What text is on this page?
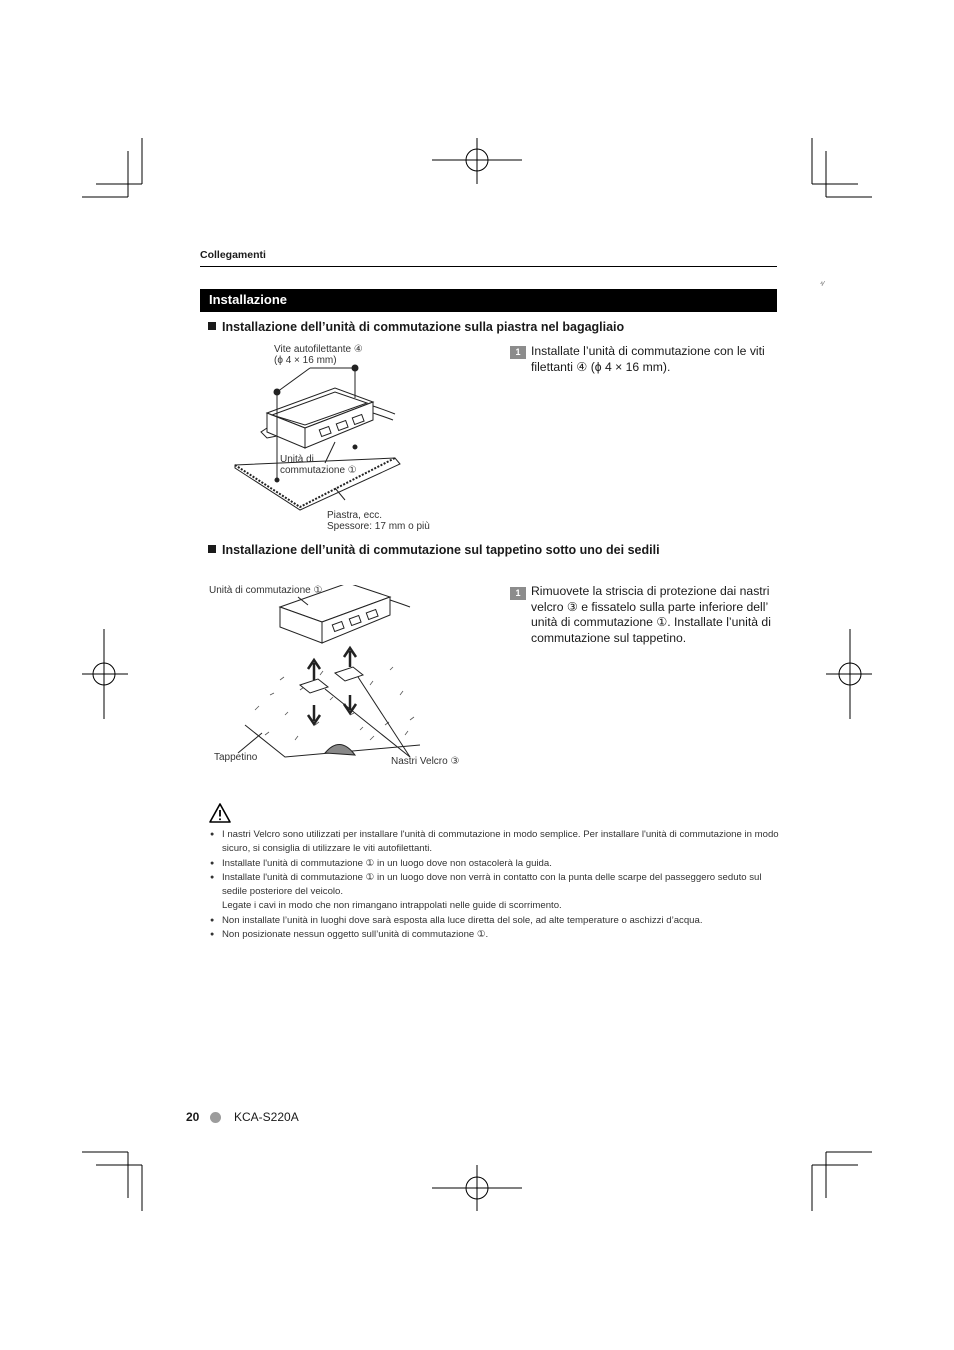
⁴⁄
Collegamenti
Installazione
Installazione dell’unità di commutazione sulla piastra nel bagagliaio
Vite autofilettante ④
(ϕ 4 × 16 mm)
Unità di
commutazione ①
Piastra, ecc.
Spessore: 17 mm o più
1 Installate l’unità di commutazione con le viti filettanti ④ (ϕ 4 × 16 mm).
Installazione dell’unità di commutazione sul tappetino sotto uno dei sedili
Unità di commutazione ①
Tappetino	Nastri Velcro ③
1 Rimuovete la striscia di protezione dai nastri velcro ③ e fissatelo sulla parte inferiore dell’ unità di commutazione ①. Installate l’unità di commutazione sul tappetino.
● I nastri Velcro sono utilizzati per installare l'unità di commutazione in modo semplice. Per installare l'unità di commutazione in modo sicuro, si consiglia di utilizzare le viti autofilettanti.
● Installate l'unità di commutazione ① in un luogo dove non ostacolerà la guida.
● Installate l'unità di commutazione ① in un luogo dove non verrà in contatto con la punta delle scarpe del passeggero seduto sul sedile posteriore del veicolo.
Legate i cavi in modo che non rimangano intrappolati nelle guide di scorrimento.
● Non installate l’unità in luoghi dove sarà esposta alla luce diretta del sole, ad alte temperature o aschizzi d’acqua.
● Non posizionate nessun oggetto sull’unità di commutazione ①.
20	KCA-S220A
